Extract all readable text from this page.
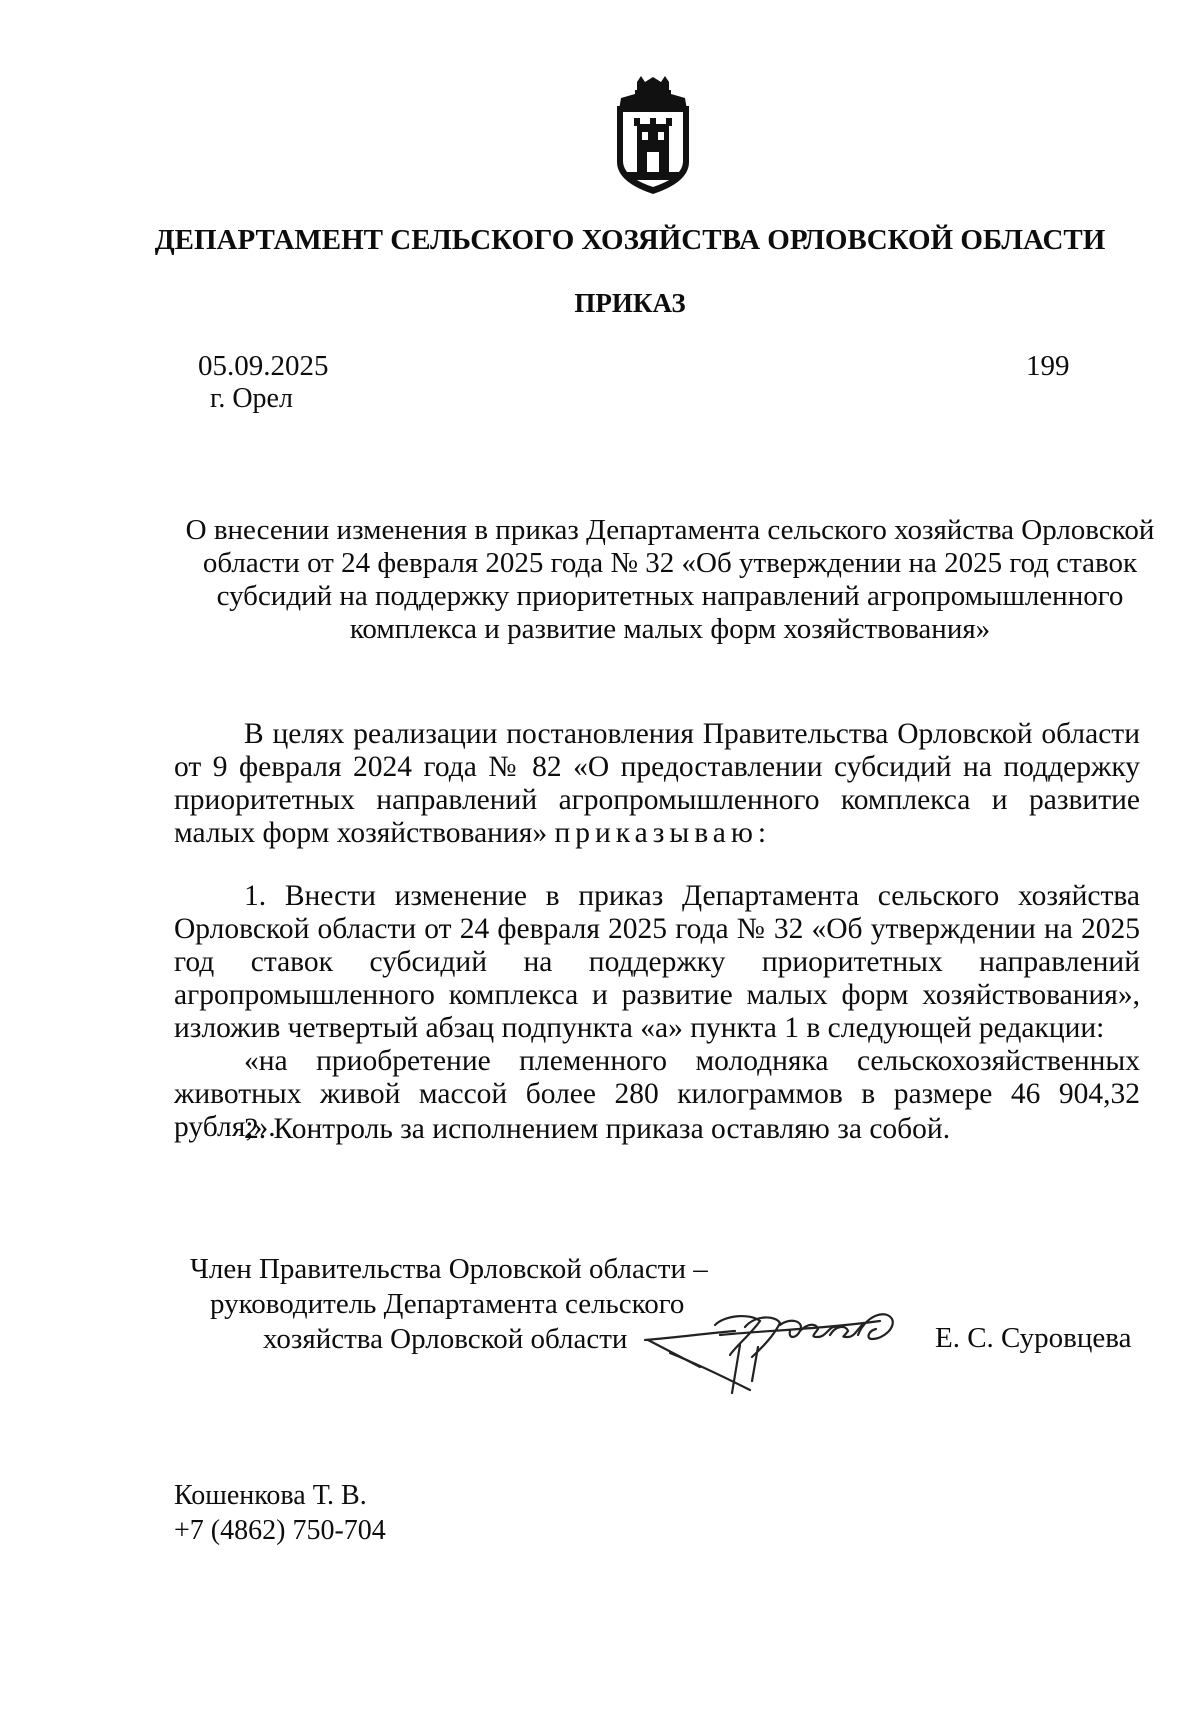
ДЕПАРТАМЕНТ СЕЛЬСКОГО ХОЗЯЙСТВА ОРЛОВСКОЙ ОБЛАСТИ
ПРИКАЗ
05.09.2025
г. Орел
199
О внесении изменения в приказ Департамента сельского хозяйства Орловской области от 24 февраля 2025 года № 32 «Об утверждении на 2025 год ставок субсидий на поддержку приоритетных направлений агропромышленного комплекса и развитие малых форм хозяйствования»
В целях реализации постановления Правительства Орловской области от 9 февраля 2024 года № 82 «О предоставлении субсидий на поддержку приоритетных направлений агропромышленного комплекса и развитие малых форм хозяйствования» приказываю:
1. Внести изменение в приказ Департамента сельского хозяйства Орловской области от 24 февраля 2025 года № 32 «Об утверждении на 2025 год ставок субсидий на поддержку приоритетных направлений агропромышленного комплекса и развитие малых форм хозяйствования», изложив четвертый абзац подпункта «а» пункта 1 в следующей редакции:
«на приобретение племенного молодняка сельскохозяйственных животных живой массой более 280 килограммов в размере 46 904,32 рубля;».
2. Контроль за исполнением приказа оставляю за собой.
Член Правительства Орловской области –
руководитель Департамента сельского
хозяйства Орловской области	Е. С. Суровцева
Кошенкова Т. В.
+7 (4862) 750-704
